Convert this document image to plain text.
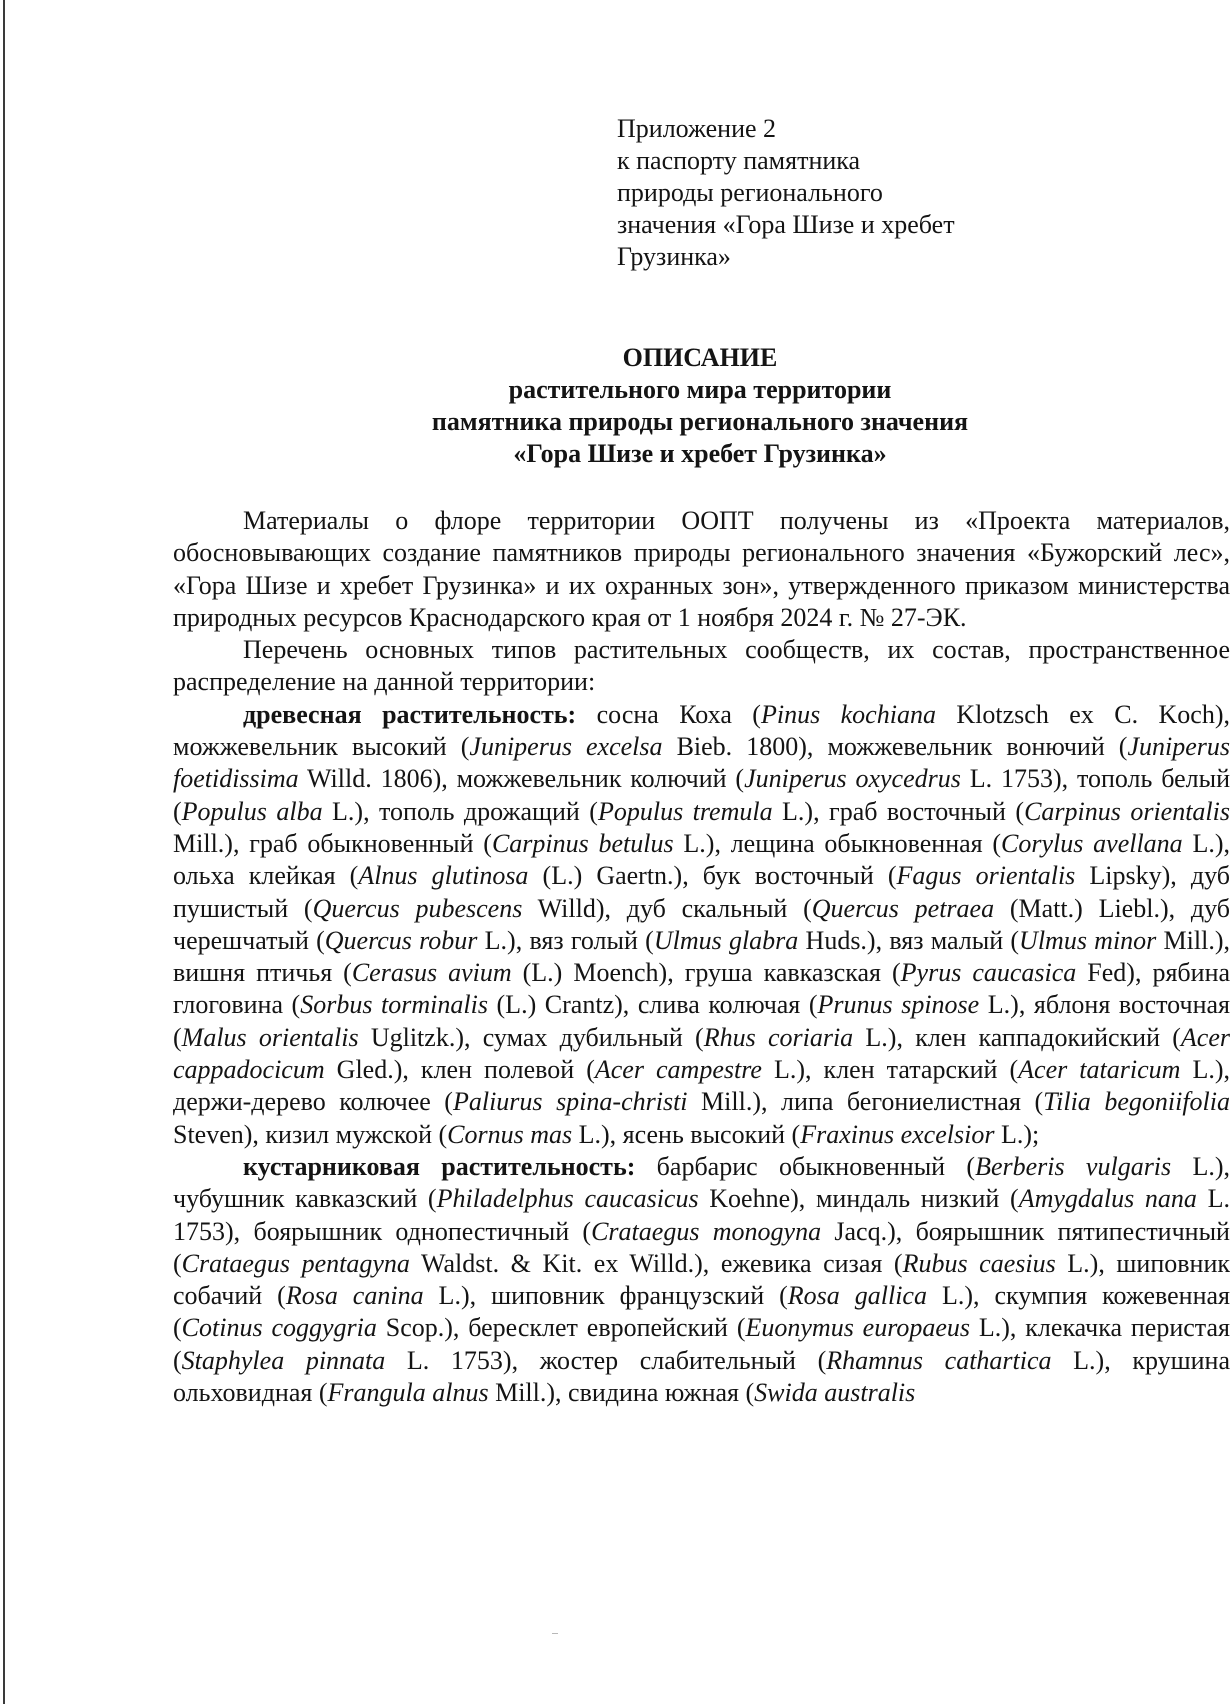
Приложение 2
к паспорту памятника
природы регионального
значения «Гора Шизе и хребет
Грузинка»
ОПИСАНИЕ
растительного мира территории
памятника природы регионального значения
«Гора Шизе и хребет Грузинка»

Материалы о флоре территории ООПТ получены из «Проекта материалов, обосновывающих создание памятников природы регионального значения «Бужорский лес», «Гора Шизе и хребет Грузинка» и их охранных зон», утвержденного приказом министерства природных ресурсов Краснодарского края от 1 ноября 2024 г. № 27-ЭК.

Перечень основных типов растительных сообществ, их состав, пространственное распределение на данной территории:

древесная растительность: сосна Коха (Pinus kochiana Klotzsch ex C. Koch), можжевельник высокий (Juniperus excelsa Bieb. 1800), можжевельник вонючий (Juniperus foetidissima Willd. 1806), можжевельник колючий (Juniperus oxycedrus L. 1753), тополь белый (Populus alba L.), тополь дрожащий (Populus tremula L.), граб восточный (Carpinus orientalis Mill.), граб обыкновенный (Carpinus betulus L.), лещина обыкновенная (Corylus avellana L.), ольха клейкая (Alnus glutinosa (L.) Gaertn.), бук восточный (Fagus orientalis Lipsky), дуб пушистый (Quercus pubescens Willd), дуб скальный (Quercus petraea (Matt.) Liebl.), дуб черешчатый (Quercus robur L.), вяз голый (Ulmus glabra Huds.), вяз малый (Ulmus minor Mill.), вишня птичья (Cerasus avium (L.) Moench), груша кавказская (Pyrus caucasica Fed), рябина глоговина (Sorbus torminalis (L.) Crantz), слива колючая (Prunus spinose L.), яблоня восточная (Malus orientalis Uglitzk.), сумах дубильный (Rhus coriaria L.), клен каппадокийский (Acer cappadocicum Gled.), клен полевой (Acer campestre L.), клен татарский (Acer tataricum L.), держи-дерево колючее (Paliurus spina-christi Mill.), липа бегониелистная (Tilia begoniifolia Steven), кизил мужской (Cornus mas L.), ясень высокий (Fraxinus excelsior L.);

кустарниковая растительность: барбарис обыкновенный (Berberis vulgaris L.), чубушник кавказский (Philadelphus caucasicus Koehne), миндаль низкий (Amygdalus nana L. 1753), боярышник однопестичный (Crataegus monogyna Jacq.), боярышник пятипестичный (Crataegus pentagyna Waldst. & Kit. ex Willd.), ежевика сизая (Rubus caesius L.), шиповник собачий (Rosa canina L.), шиповник французский (Rosa gallica L.), скумпия кожевенная (Cotinus coggygria Scop.), бересклет европейский (Euonymus europaeus L.), клекачка перистая (Staphylea pinnata L. 1753), жостер слабительный (Rhamnus cathartica L.), крушина ольховидная (Frangula alnus Mill.), свидина южная (Swida australis
